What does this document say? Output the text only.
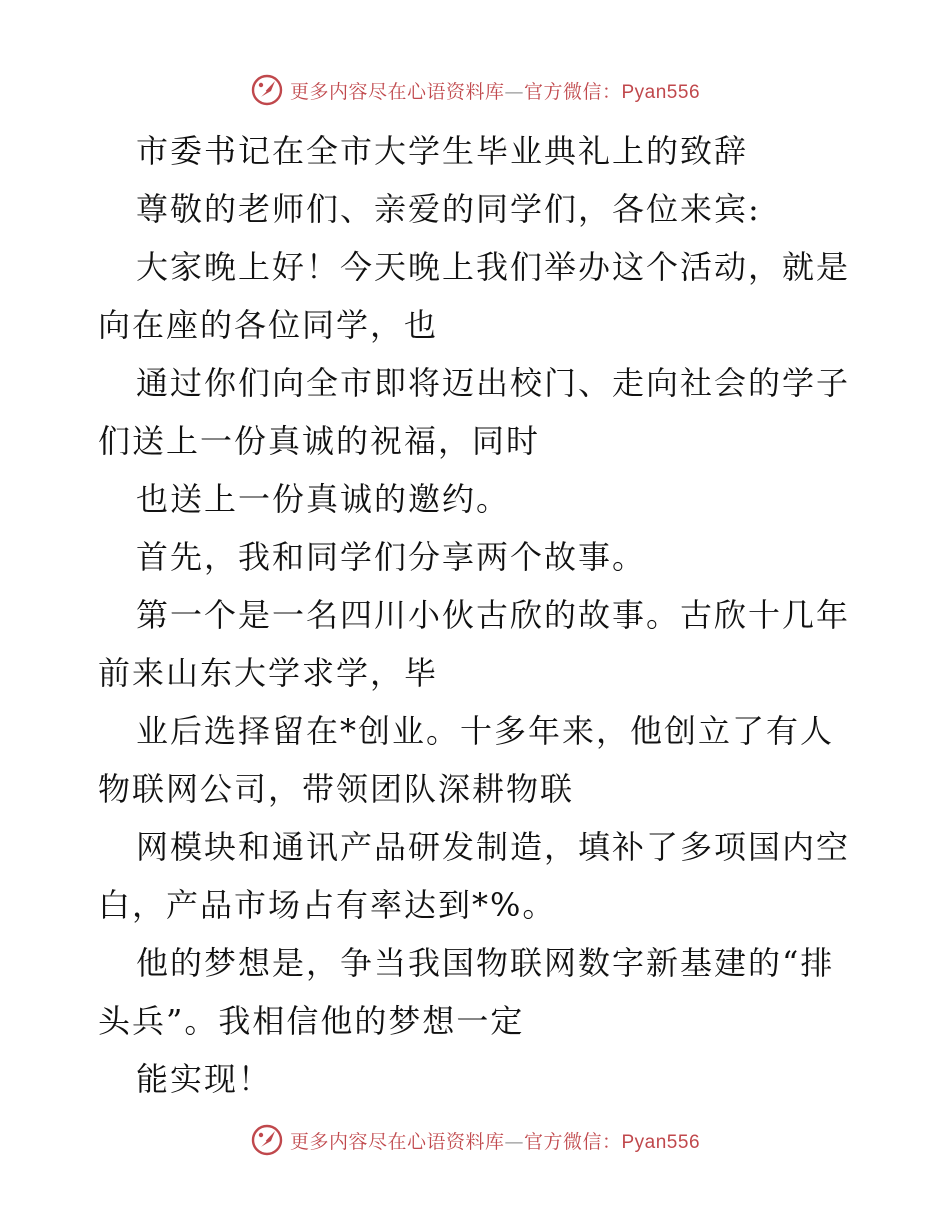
更多内容尽在心语资料库—官方微信：Pyan556
市委书记在全市大学生毕业典礼上的致辞
尊敬的老师们、亲爱的同学们，各位来宾:
大家晚上好！今天晚上我们举办这个活动，就是
向在座的各位同学，也
通过你们向全市即将迈出校门、走向社会的学子
们送上一份真诚的祝福，同时
也送上一份真诚的邀约。
首先，我和同学们分享两个故事。
第一个是一名四川小伙古欣的故事。古欣十几年
前来山东大学求学，毕
业后选择留在*创业。十多年来，他创立了有人
物联网公司，带领团队深耕物联
网模块和通讯产品研发制造，填补了多项国内空
白，产品市场占有率达到*%。
他的梦想是，争当我国物联网数字新基建的“排
头兵”。我相信他的梦想一定
能实现！
更多内容尽在心语资料库—官方微信：Pyan556
